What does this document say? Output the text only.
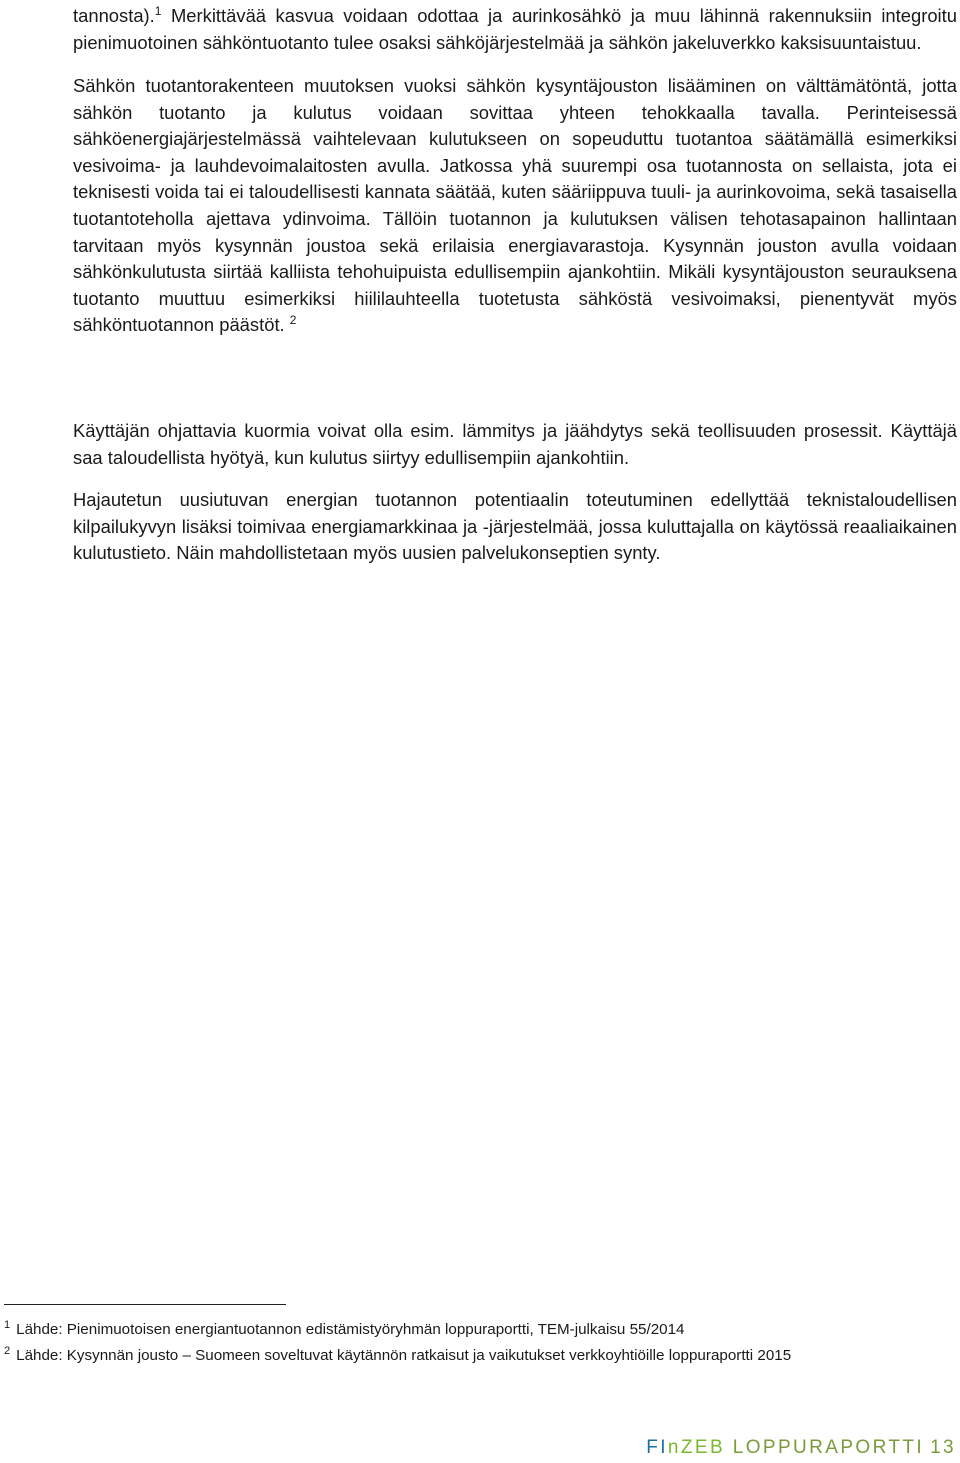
tannosta).$^1$ Merkittävää kasvua voidaan odottaa ja aurinkosähkö ja muu lähinnä rakennuksiin integroitu pienimuotoinen sähköntuotanto tulee osaksi sähköjärjestelmää ja sähkön jakeluverkko kaksisuuntaistuu.

Sähkön tuotantorakenteen muutoksen vuoksi sähkön kysyntäjouston lisääminen on välttämätöntä, jotta sähkön tuotanto ja kulutus voidaan sovittaa yhteen tehokkaalla tavalla. Perinteisessä sähköenergiajärjestelmässä vaihtelevaan kulutukseen on sopeuduttu tuotantoa säätämällä esimerkiksi vesivoima- ja lauhdevoimalaitosten avulla. Jatkossa yhä suurempi osa tuotannosta on sellaista, jota ei teknisesti voida tai ei taloudellisesti kannata säätää, kuten sääriippuva tuuli- ja aurinkovoima, sekä tasaisella tuotantoteholla ajettava ydinvoima. Tällöin tuotannon ja kulutuksen välisen tehotasapainon hallintaan tarvitaan myös kysynnän joustoa sekä erilaisia energiavarastoja. Kysynnän jouston avulla voidaan sähkönkulutusta siirtää kalliista tehohuipuista edullisempiin ajankohtiin. Mikäli kysyntäjouston seurauksena tuotanto muuttuu esimerkiksi hiililauhteella tuotetusta sähköstä vesivoimaksi, pienentyvät myös sähköntuotannon päästöt. $^2$

Käyttäjän ohjattavia kuormia voivat olla esim. lämmitys ja jäähdytys sekä teollisuuden prosessit. Käyttäjä saa taloudellista hyötyä, kun kulutus siirtyy edullisempiin ajankohtiin.

Hajautetun uusiutuvan energian tuotannon potentiaalin toteutuminen edellyttää teknistaloudellisen kilpailukyvyn lisäksi toimivaa energiamarkkinaa ja -järjestelmää, jossa kuluttajalla on käytössä reaaliaikainen kulutustieto. Näin mahdollistetaan myös uusien palvelukonseptien synty.

$^1$ Lähde: Pienimuotoisen energiantuotannon edistämistyöryhmän loppuraportti, TEM-julkaisu 55/2014

$^2$ Lähde: Kysynnän jousto – Suomeen soveltuvat käytännön ratkaisut ja vaikutukset verkkoyhtiöille loppuraportti 2015

FInZEB LOPPURAPORTTI 13
